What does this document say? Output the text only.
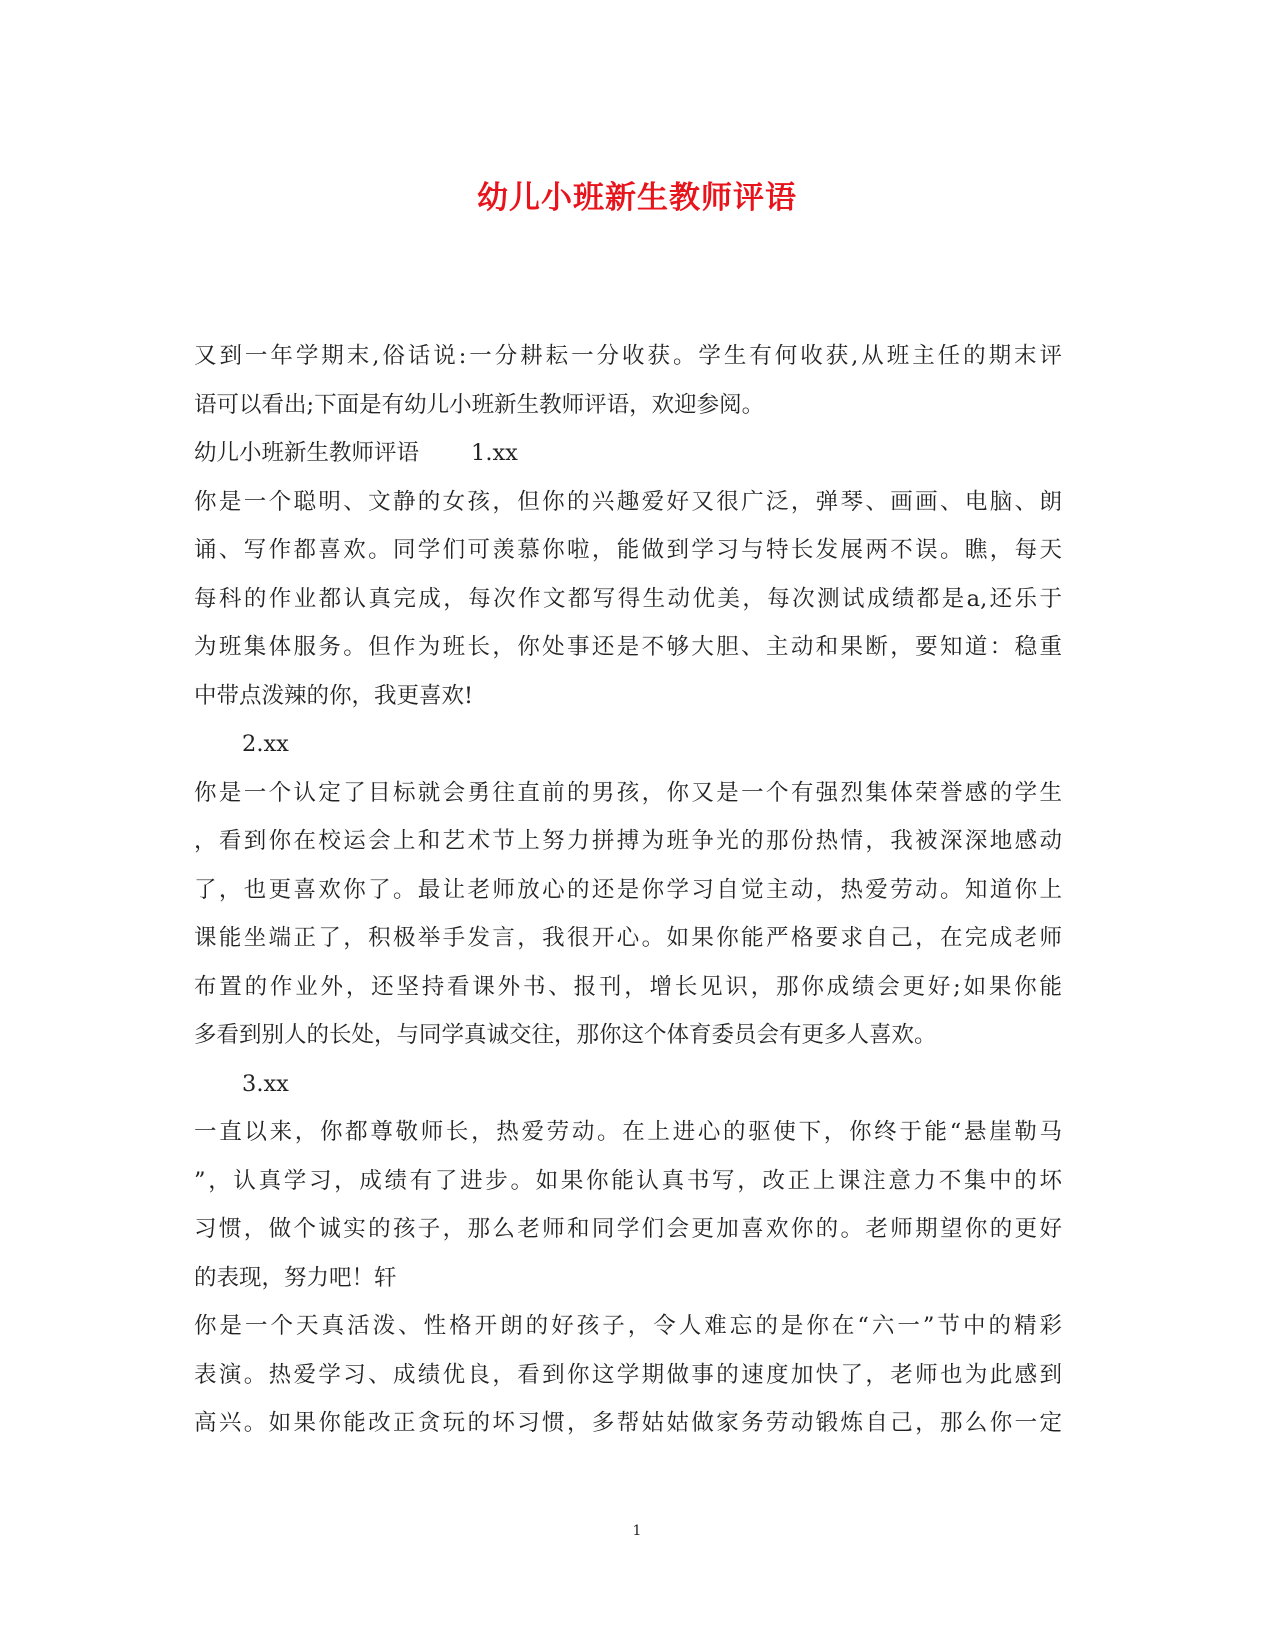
幼儿小班新生教师评语
又到一年学期末,俗话说:一分耕耘一分收获。学生有何收获,从班主任的期末评
语可以看出;下面是有幼儿小班新生教师评语，欢迎参阅。
幼儿小班新生教师评语 1.xx
你是一个聪明、文静的女孩，但你的兴趣爱好又很广泛，弹琴、画画、电脑、朗
诵、写作都喜欢。同学们可羡慕你啦，能做到学习与特长发展两不误。瞧，每天
每科的作业都认真完成，每次作文都写得生动优美，每次测试成绩都是a,还乐于
为班集体服务。但作为班长，你处事还是不够大胆、主动和果断，要知道：稳重
中带点泼辣的你，我更喜欢!
2.xx
你是一个认定了目标就会勇往直前的男孩，你又是一个有强烈集体荣誉感的学生
，看到你在校运会上和艺术节上努力拼搏为班争光的那份热情，我被深深地感动
了，也更喜欢你了。最让老师放心的还是你学习自觉主动，热爱劳动。知道你上
课能坐端正了，积极举手发言，我很开心。如果你能严格要求自己，在完成老师
布置的作业外，还坚持看课外书、报刊，增长见识，那你成绩会更好;如果你能
多看到别人的长处，与同学真诚交往，那你这个体育委员会有更多人喜欢。
3.xx
一直以来，你都尊敬师长，热爱劳动。在上进心的驱使下，你终于能“悬崖勒马
”，认真学习，成绩有了进步。如果你能认真书写，改正上课注意力不集中的坏
习惯，做个诚实的孩子，那么老师和同学们会更加喜欢你的。老师期望你的更好
的表现，努力吧！轩
你是一个天真活泼、性格开朗的好孩子，令人难忘的是你在“六一”节中的精彩
表演。热爱学习、成绩优良，看到你这学期做事的速度加快了，老师也为此感到
高兴。如果你能改正贪玩的坏习惯，多帮姑姑做家务劳动锻炼自己，那么你一定
1
